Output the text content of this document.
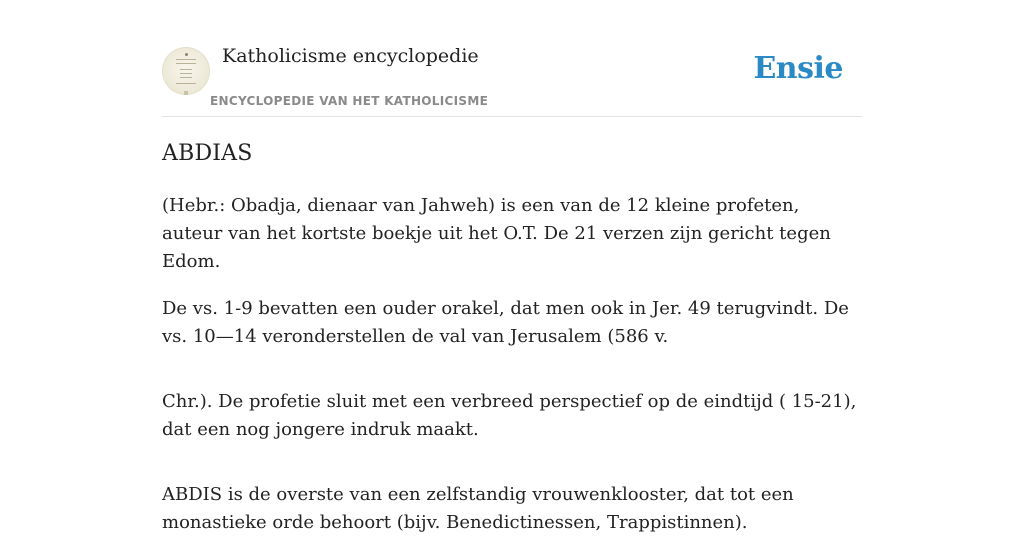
Katholicisme encyclopedie
ENCYCLOPEDIE VAN HET KATHOLICISME
Ensie
ABDIAS

(Hebr.: Obadja, dienaar van Jahweh) is een van de 12 kleine profeten, auteur van het kortste boekje uit het O.T. De 21 verzen zijn gericht tegen Edom.

De vs. 1-9 bevatten een ouder orakel, dat men ook in Jer. 49 terugvindt. De vs. 10—14 veronderstellen de val van Jerusalem (586 v.

Chr.). De profetie sluit met een verbreed perspectief op de eindtijd ( 15-21), dat een nog jongere indruk maakt.

ABDIS is de overste van een zelfstandig vrouwenklooster, dat tot een monastieke orde behoort (bijv. Benedictinessen, Trappistinnen).
